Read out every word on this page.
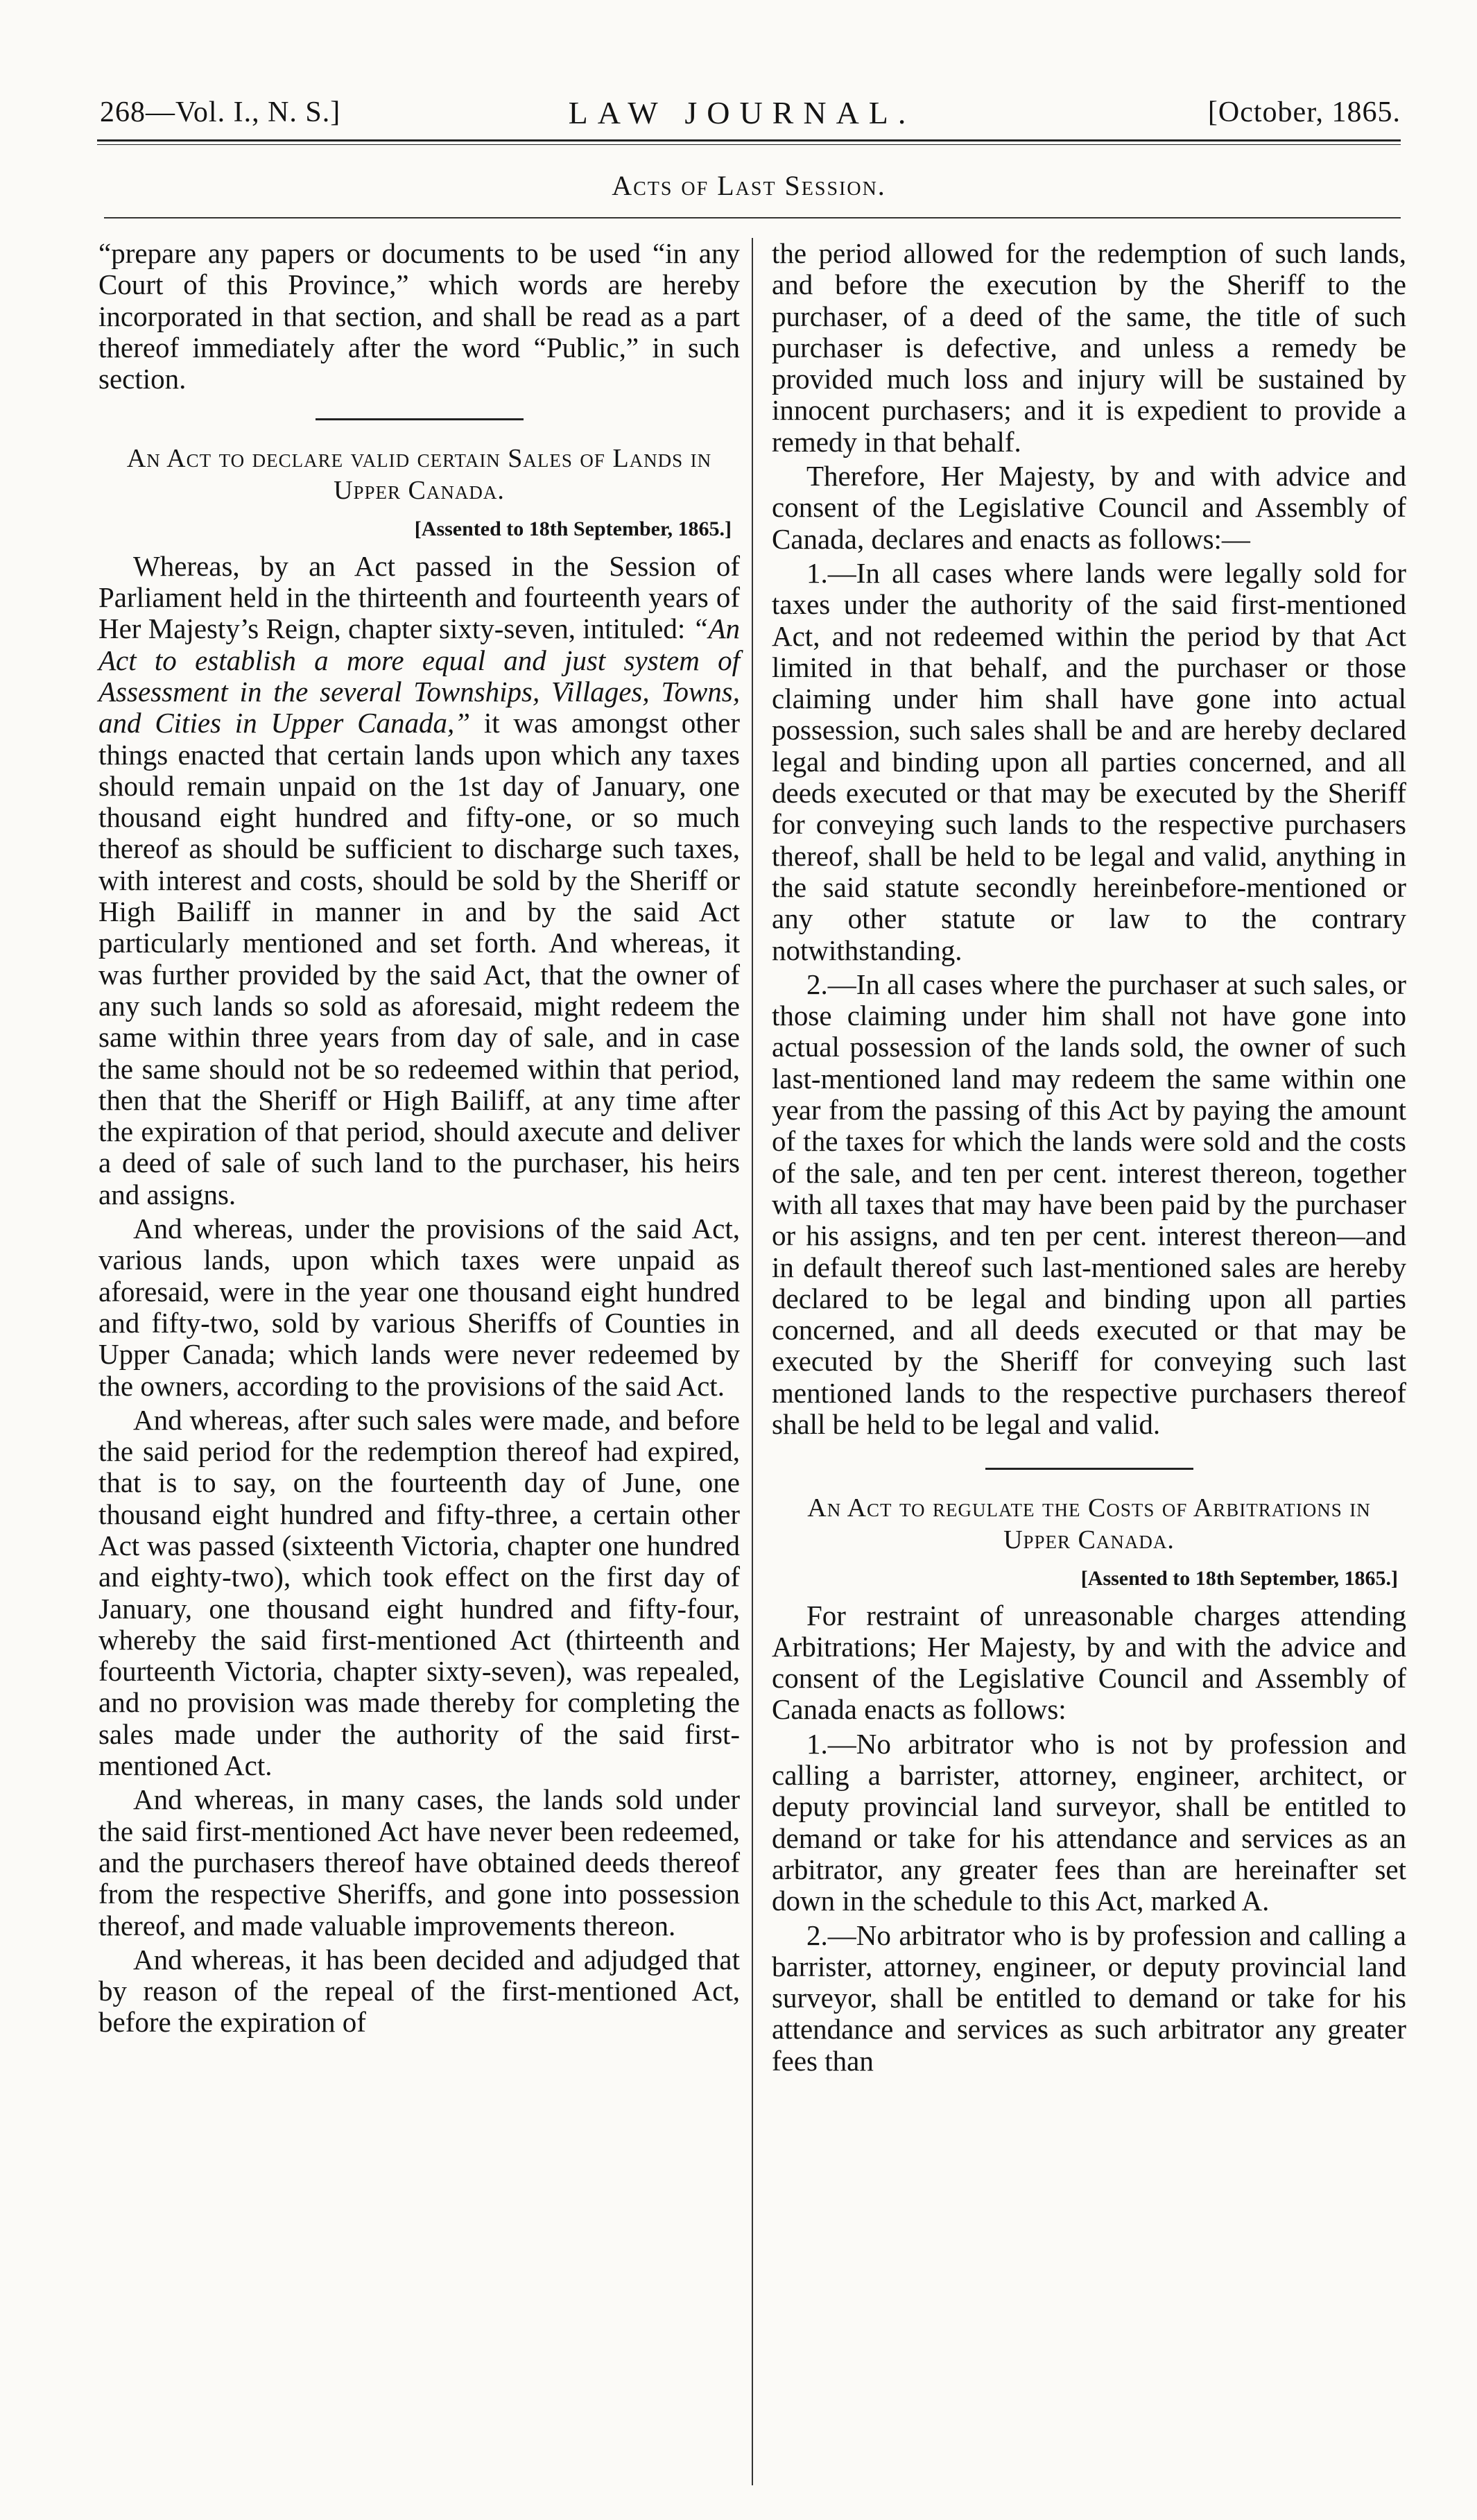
268—Vol. I., N. S.]	LAW JOURNAL.	[October, 1865.
Acts of Last Session.

“prepare any papers or documents to be used “in any Court of this Province,” which words are hereby incorporated in that section, and shall be read as a part thereof immediately after the word “Public,” in such section.

An Act to declare valid certain Sales of Lands in Upper Canada.
[Assented to 18th September, 1865.]

Whereas, by an Act passed in the Session of Parliament held in the thirteenth and fourteenth years of Her Majesty’s Reign, chapter sixty-seven, intituled: “An Act to establish a more equal and just system of Assessment in the several Townships, Villages, Towns, and Cities in Upper Canada,” it was amongst other things enacted that certain lands upon which any taxes should remain unpaid on the 1st day of January, one thousand eight hundred and fifty-one, or so much thereof as should be sufficient to discharge such taxes, with interest and costs, should be sold by the Sheriff or High Bailiff in manner in and by the said Act particularly mentioned and set forth. And whereas, it was further provided by the said Act, that the owner of any such lands so sold as aforesaid, might redeem the same within three years from day of sale, and in case the same should not be so redeemed within that period, then that the Sheriff or High Bailiff, at any time after the expiration of that period, should axecute and deliver a deed of sale of such land to the purchaser, his heirs and assigns.

And whereas, under the provisions of the said Act, various lands, upon which taxes were unpaid as aforesaid, were in the year one thousand eight hundred and fifty-two, sold by various Sheriffs of Counties in Upper Canada; which lands were never redeemed by the owners, according to the provisions of the said Act.

And whereas, after such sales were made, and before the said period for the redemption thereof had expired, that is to say, on the fourteenth day of June, one thousand eight hundred and fifty-three, a certain other Act was passed (sixteenth Victoria, chapter one hundred and eighty-two), which took effect on the first day of January, one thousand eight hundred and fifty-four, whereby the said first-mentioned Act (thirteenth and fourteenth Victoria, chapter sixty-seven), was repealed, and no provision was made thereby for completing the sales made under the authority of the said first-mentioned Act.

And whereas, in many cases, the lands sold under the said first-mentioned Act have never been redeemed, and the purchasers thereof have obtained deeds thereof from the respective Sheriffs, and gone into possession thereof, and made valuable improvements thereon.

And whereas, it has been decided and adjudged that by reason of the repeal of the first-mentioned Act, before the expiration of

the period allowed for the redemption of such lands, and before the execution by the Sheriff to the purchaser, of a deed of the same, the title of such purchaser is defective, and unless a remedy be provided much loss and injury will be sustained by innocent purchasers; and it is expedient to provide a remedy in that behalf.

Therefore, Her Majesty, by and with advice and consent of the Legislative Council and Assembly of Canada, declares and enacts as follows:—

1.—In all cases where lands were legally sold for taxes under the authority of the said first-mentioned Act, and not redeemed within the period by that Act limited in that behalf, and the purchaser or those claiming under him shall have gone into actual possession, such sales shall be and are hereby declared legal and binding upon all parties concerned, and all deeds executed or that may be executed by the Sheriff for conveying such lands to the respective purchasers thereof, shall be held to be legal and valid, anything in the said statute secondly hereinbefore-mentioned or any other statute or law to the contrary notwithstanding.

2.—In all cases where the purchaser at such sales, or those claiming under him shall not have gone into actual possession of the lands sold, the owner of such last-mentioned land may redeem the same within one year from the passing of this Act by paying the amount of the taxes for which the lands were sold and the costs of the sale, and ten per cent. interest thereon, together with all taxes that may have been paid by the purchaser or his assigns, and ten per cent. interest thereon—and in default thereof such last-mentioned sales are hereby declared to be legal and binding upon all parties concerned, and all deeds executed or that may be executed by the Sheriff for conveying such last mentioned lands to the respective purchasers thereof shall be held to be legal and valid.

An Act to regulate the Costs of Arbitrations in Upper Canada.
[Assented to 18th September, 1865.]

For restraint of unreasonable charges attending Arbitrations; Her Majesty, by and with the advice and consent of the Legislative Council and Assembly of Canada enacts as follows:

1.—No arbitrator who is not by profession and calling a barrister, attorney, engineer, architect, or deputy provincial land surveyor, shall be entitled to demand or take for his attendance and services as an arbitrator, any greater fees than are hereinafter set down in the schedule to this Act, marked A.

2.—No arbitrator who is by profession and calling a barrister, attorney, engineer, or deputy provincial land surveyor, shall be entitled to demand or take for his attendance and services as such arbitrator any greater fees than
